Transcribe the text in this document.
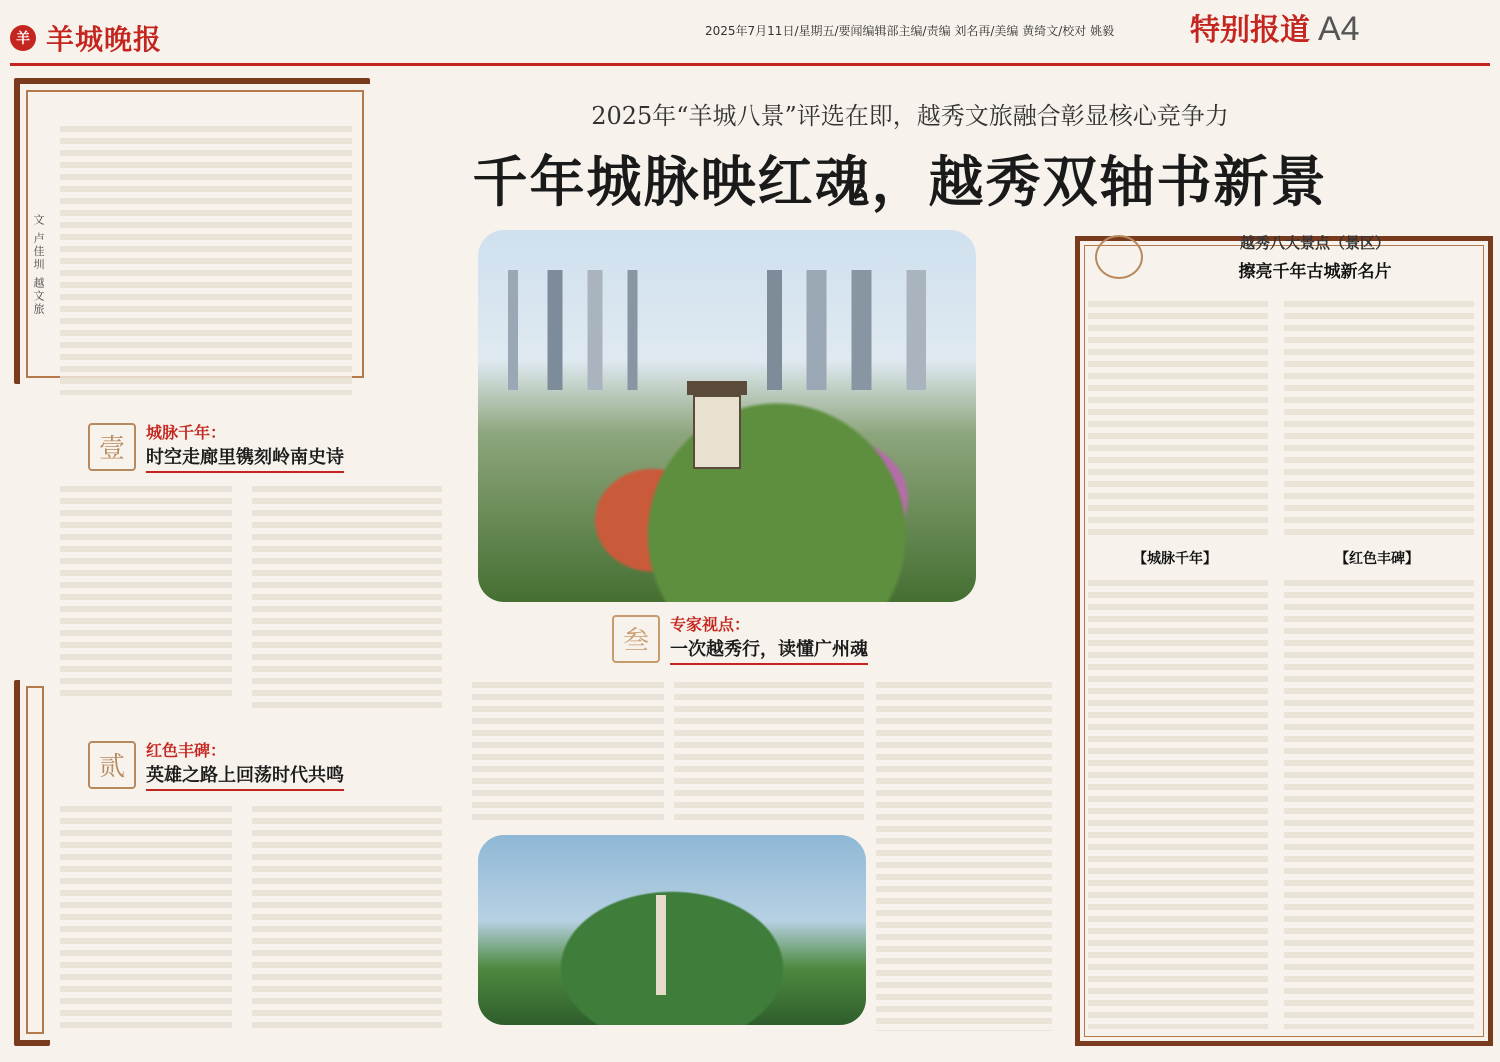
羊 羊城晚报	2025年7月11日/星期五/要闻编辑部主编/责编 刘名再/美编 黄绮文/校对 姚毅	特别报道 A4
2025年“羊城八景”评选在即，越秀文旅融合彰显核心竞争力
千年城脉映红魂，越秀双轴书新景
文 卢佳圳 越文旅
壹
城脉千年：
时空走廊里镌刻岭南史诗
贰
红色丰碑：
英雄之路上回荡时代共鸣
叁
专家视点：
一次越秀行，读懂广州魂
越秀八大景点（景区）
擦亮千年古城新名片
【城脉千年】	【红色丰碑】
